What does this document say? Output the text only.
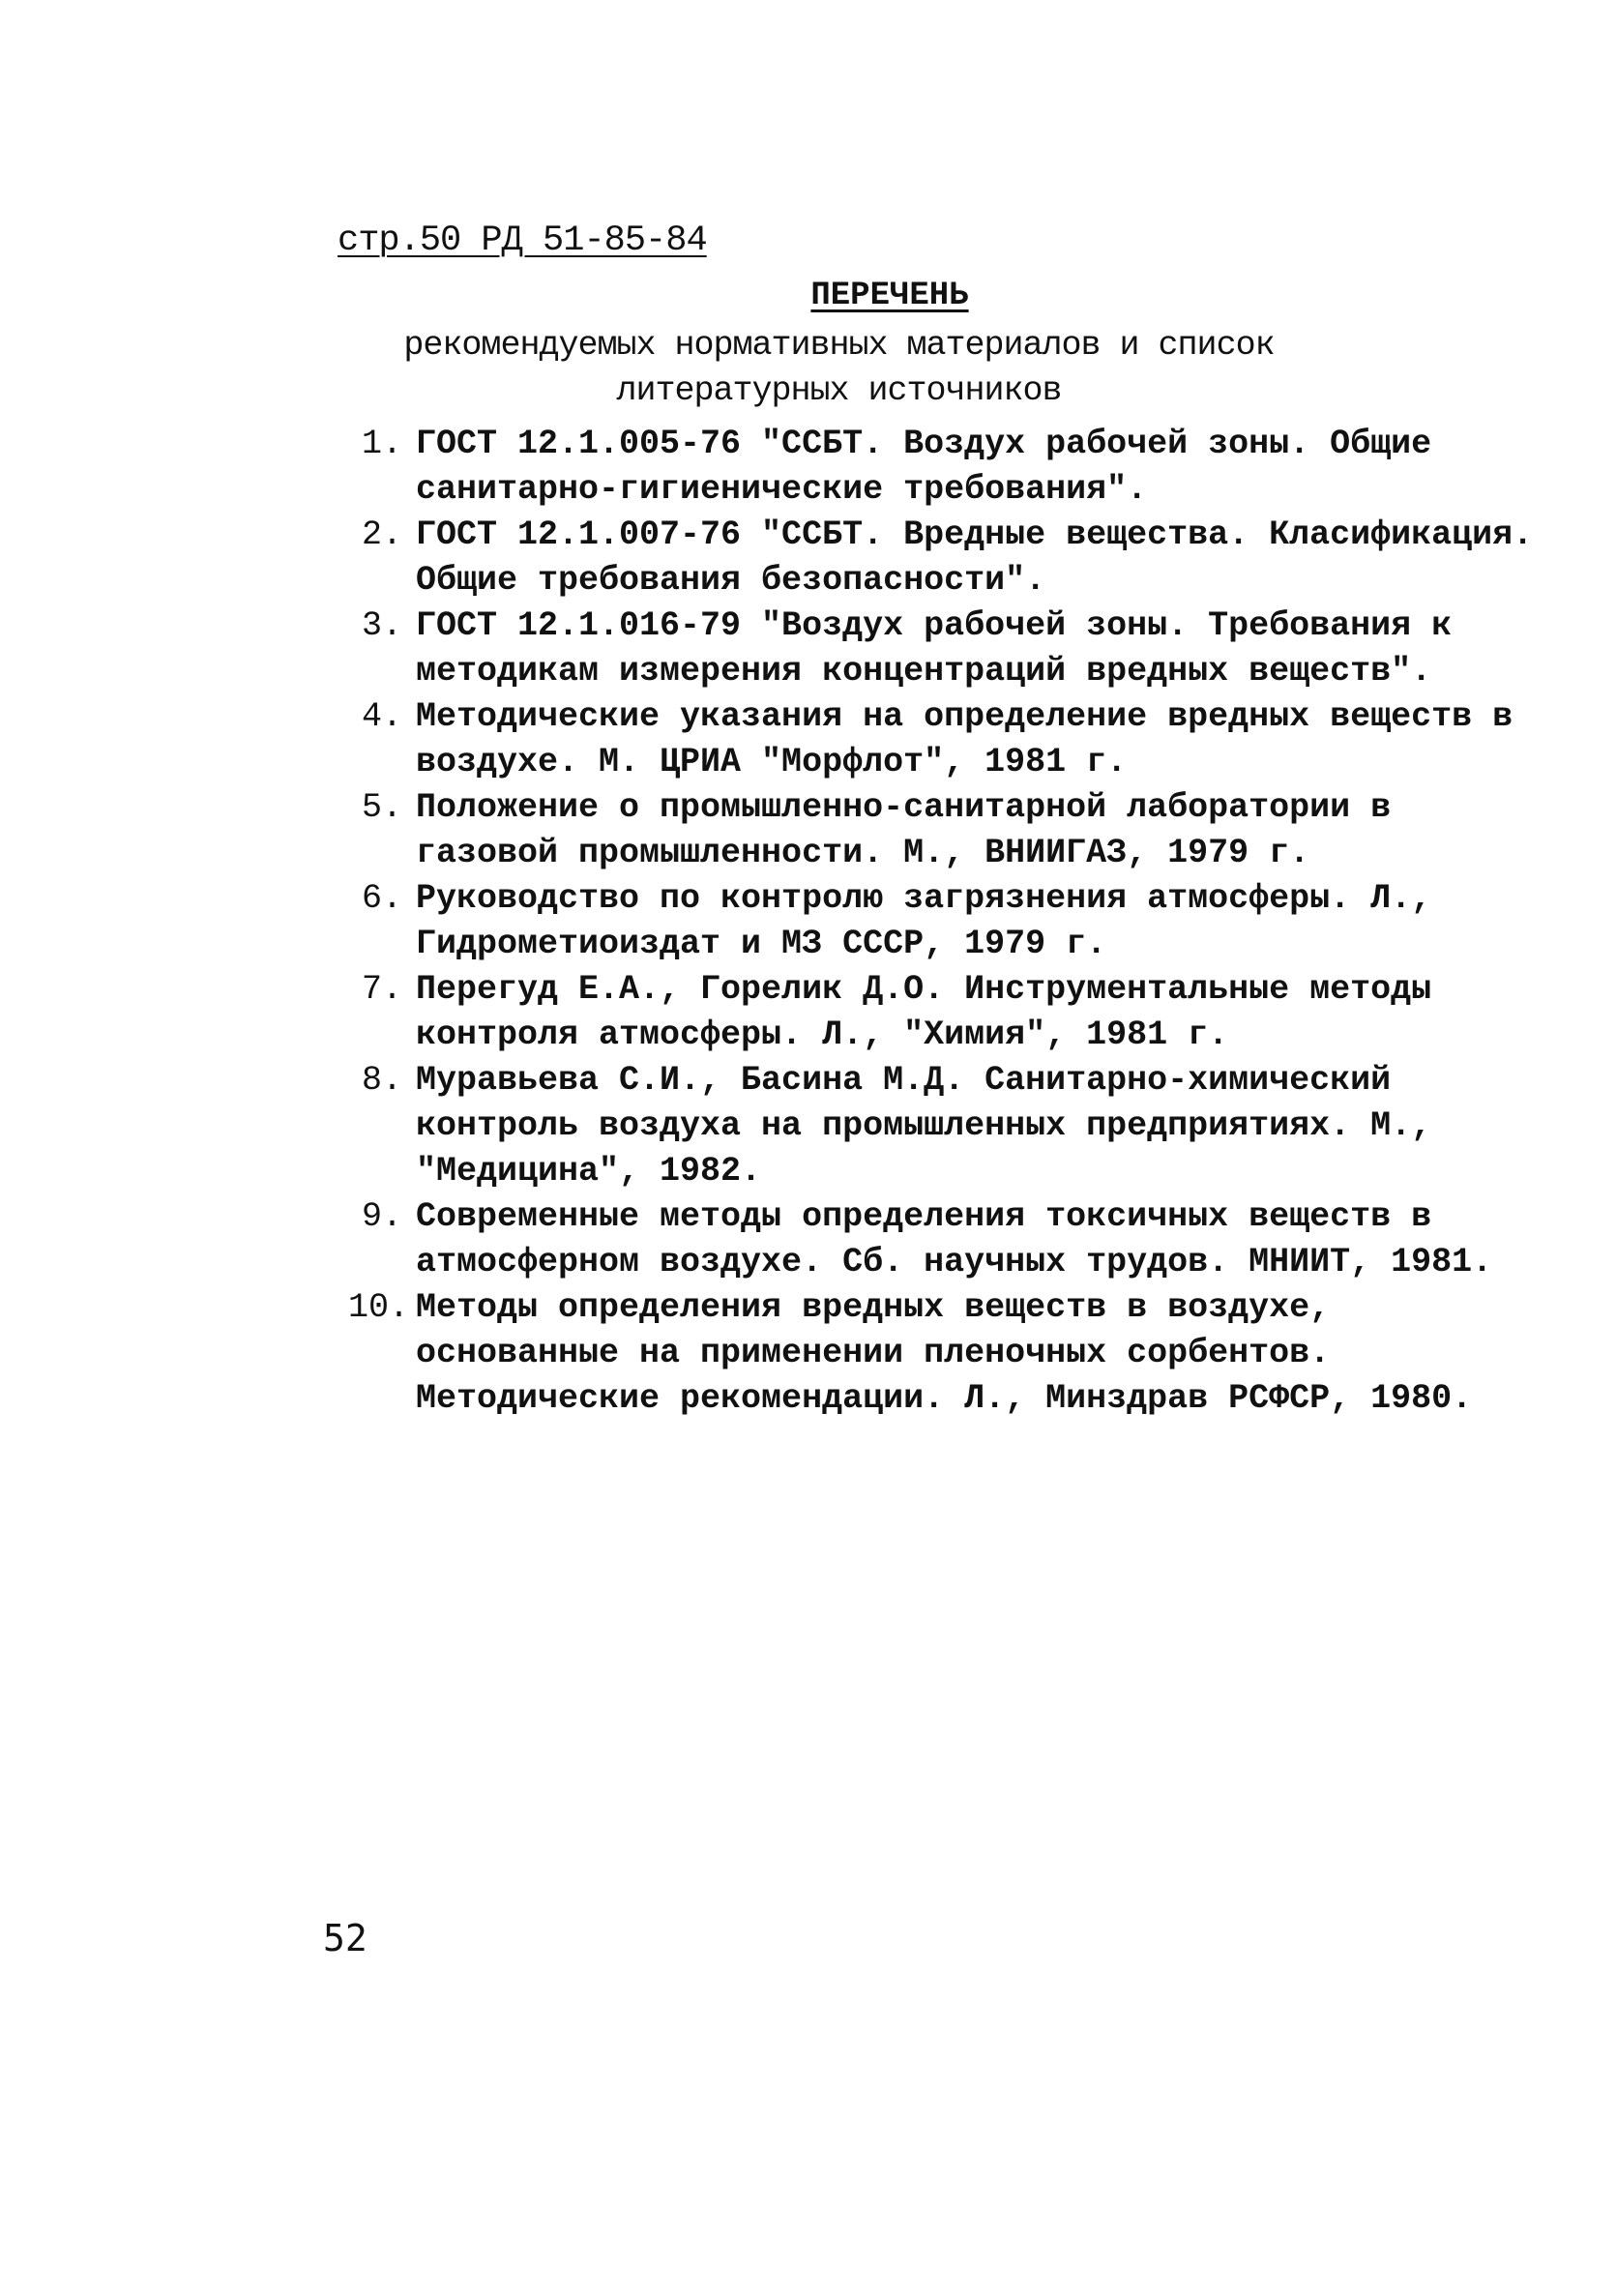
стр.50 РД 51-85-84
ПЕРЕЧЕНЬ
рекомендуемых нормативных материалов и список
литературных источников
1. ГОСТ 12.1.005-76 "ССБТ. Воздух рабочей зоны. Общие санитарно-гигиенические требования".
2. ГОСТ 12.1.007-76 "ССБТ. Вредные вещества. Класификация. Общие требования безопасности".
3. ГОСТ 12.1.016-79 "Воздух рабочей зоны. Требования к методикам измерения концентраций вредных веществ".
4. Методические указания на определение вредных веществ в воздухе. М. ЦРИА "Морфлот", 1981 г.
5. Положение о промышленно-санитарной лаборатории в газовой промышленности. М., ВНИИГАЗ, 1979 г.
6. Руководство по контролю загрязнения атмосферы. Л., Гидрометиоиздат и МЗ СССР, 1979 г.
7. Перегуд Е.А., Горелик Д.О. Инструментальные методы контроля атмосферы. Л., "Химия", 1981 г.
8. Муравьева С.И., Басина М.Д. Санитарно-химический контроль воздуха на промышленных предприятиях. М., "Медицина", 1982.
9. Современные методы определения токсичных веществ в атмосферном воздухе. Сб. научных трудов. МНИИТ, 1981.
10. Методы определения вредных веществ в воздухе, основанные на применении пленочных сорбентов. Методические рекомендации. Л., Минздрав РСФСР, 1980.
52
